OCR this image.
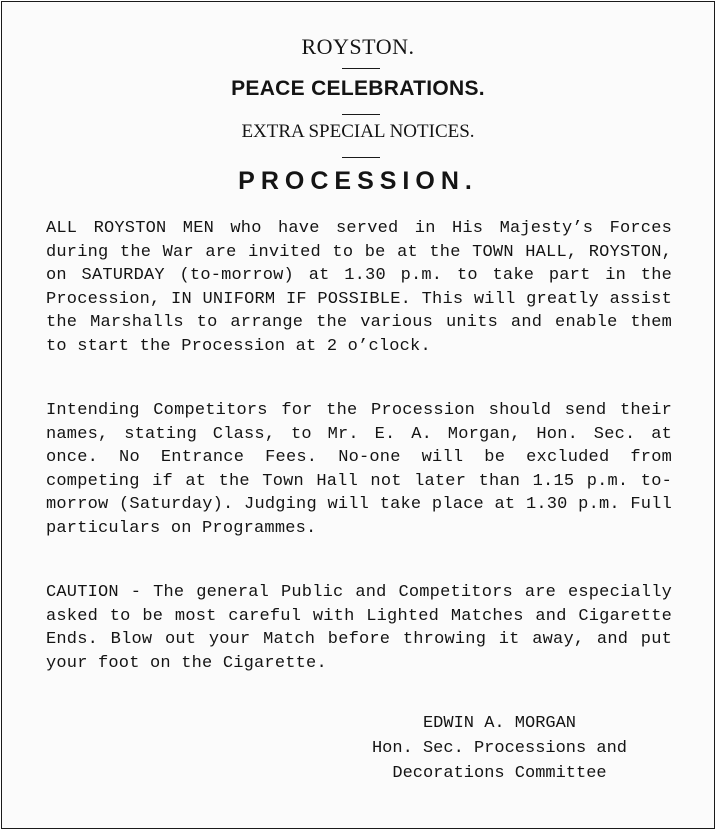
ROYSTON.
PEACE CELEBRATIONS.
EXTRA SPECIAL NOTICES.
PROCESSION.
ALL ROYSTON MEN who have served in His Majesty’s Forces during the War are invited to be at the TOWN HALL, ROYSTON, on SATURDAY (to-morrow) at 1.30 p.m. to take part in the Procession, IN UNIFORM IF POSSIBLE. This will greatly assist the Marshalls to arrange the various units and enable them to start the Procession at 2 o’clock.
Intending Competitors for the Procession should send their names, stating Class, to Mr. E. A. Morgan, Hon. Sec. at once. No Entrance Fees. No-one will be excluded from competing if at the Town Hall not later than 1.15 p.m. to-morrow (Saturday). Judging will take place at 1.30 p.m. Full particulars on Programmes.
CAUTION - The general Public and Competitors are especially asked to be most careful with Lighted Matches and Cigarette Ends. Blow out your Match before throwing it away, and put your foot on the Cigarette.
EDWIN A. MORGAN
Hon. Sec. Processions and
Decorations Committee
